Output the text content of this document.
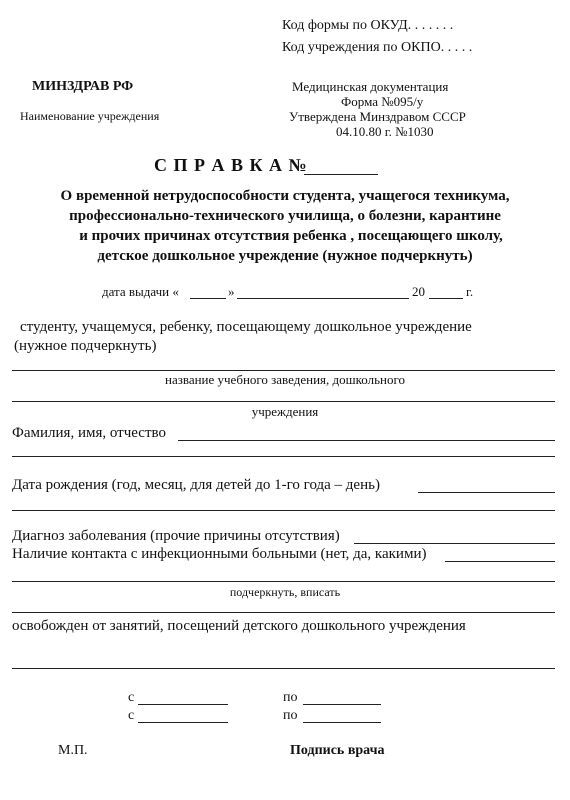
Код формы по ОКУД. . . . . . .
Код учреждения по ОКПО. . . . .
МИНЗДРАВ РФ
Наименование учреждения
Медицинская документация
Форма №095/у
Утверждена Минздравом СССР
04.10.80 г. №1030
С П Р А В К А №
О временной нетрудоспособности студента, учащегося техникума,
профессионально-технического училища, о болезни, карантине
и прочих причинах отсутствия ребенка , посещающего школу,
детское дошкольное учреждение (нужное подчеркнуть)
дата выдачи «	»	20	г.
студенту, учащемуся, ребенку, посещающему дошкольное учреждение
(нужное подчеркнуть)
название учебного заведения, дошкольного
учреждения
Фамилия, имя, отчество
Дата рождения (год, месяц, для детей до 1-го года – день)
Диагноз заболевания (прочие причины отсутствия)
Наличие контакта с инфекционными больными (нет, да, какими)
подчеркнуть, вписать
освобожден от занятий, посещений детского дошкольного учреждения
с	по
с	по
М.П.	Подпись врача
